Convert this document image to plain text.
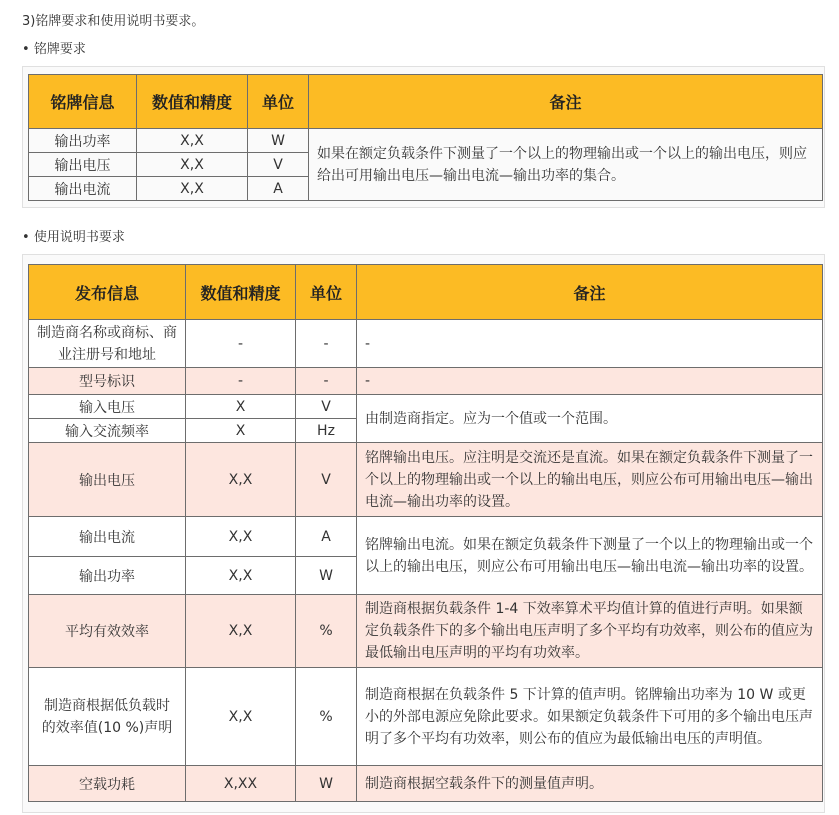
3)铭牌要求和使用说明书要求。
• 铭牌要求
铭牌信息	数值和精度	单位	备注
输出功率	X,X	W	如果在额定负载条件下测量了一个以上的物理输出或一个以上的输出电压，则应给出可用输出电压—输出电流—输出功率的集合。
输出电压	X,X	V	
输出电流	X,X	A	
• 使用说明书要求
发布信息	数值和精度	单位	备注
制造商名称或商标、商业注册号和地址	-	-	-
型号标识	-	-	-
输入电压	X	V	由制造商指定。应为一个值或一个范围。
输入交流频率	X	Hz	
输出电压	X,X	V	铭牌输出电压。应注明是交流还是直流。如果在额定负载条件下测量了一个以上的物理输出或一个以上的输出电压，则应公布可用输出电压—输出电流—输出功率的设置。
输出电流	X,X	A	铭牌输出电流。如果在额定负载条件下测量了一个以上的物理输出或一个以上的输出电压，则应公布可用输出电压—输出电流—输出功率的设置。
输出功率	X,X	W	
平均有效效率	X,X	%	制造商根据负载条件 1-4 下效率算术平均值计算的值进行声明。如果额定负载条件下的多个输出电压声明了多个平均有功效率，则公布的值应为最低输出电压声明的平均有功效率。
制造商根据低负载时的效率值(10 %)声明	X,X	%	制造商根据在负载条件 5 下计算的值声明。铭牌输出功率为 10 W 或更小的外部电源应免除此要求。如果额定负载条件下可用的多个输出电压声明了多个平均有功效率，则公布的值应为最低输出电压的声明值。
空载功耗	X,XX	W	制造商根据空载条件下的测量值声明。
